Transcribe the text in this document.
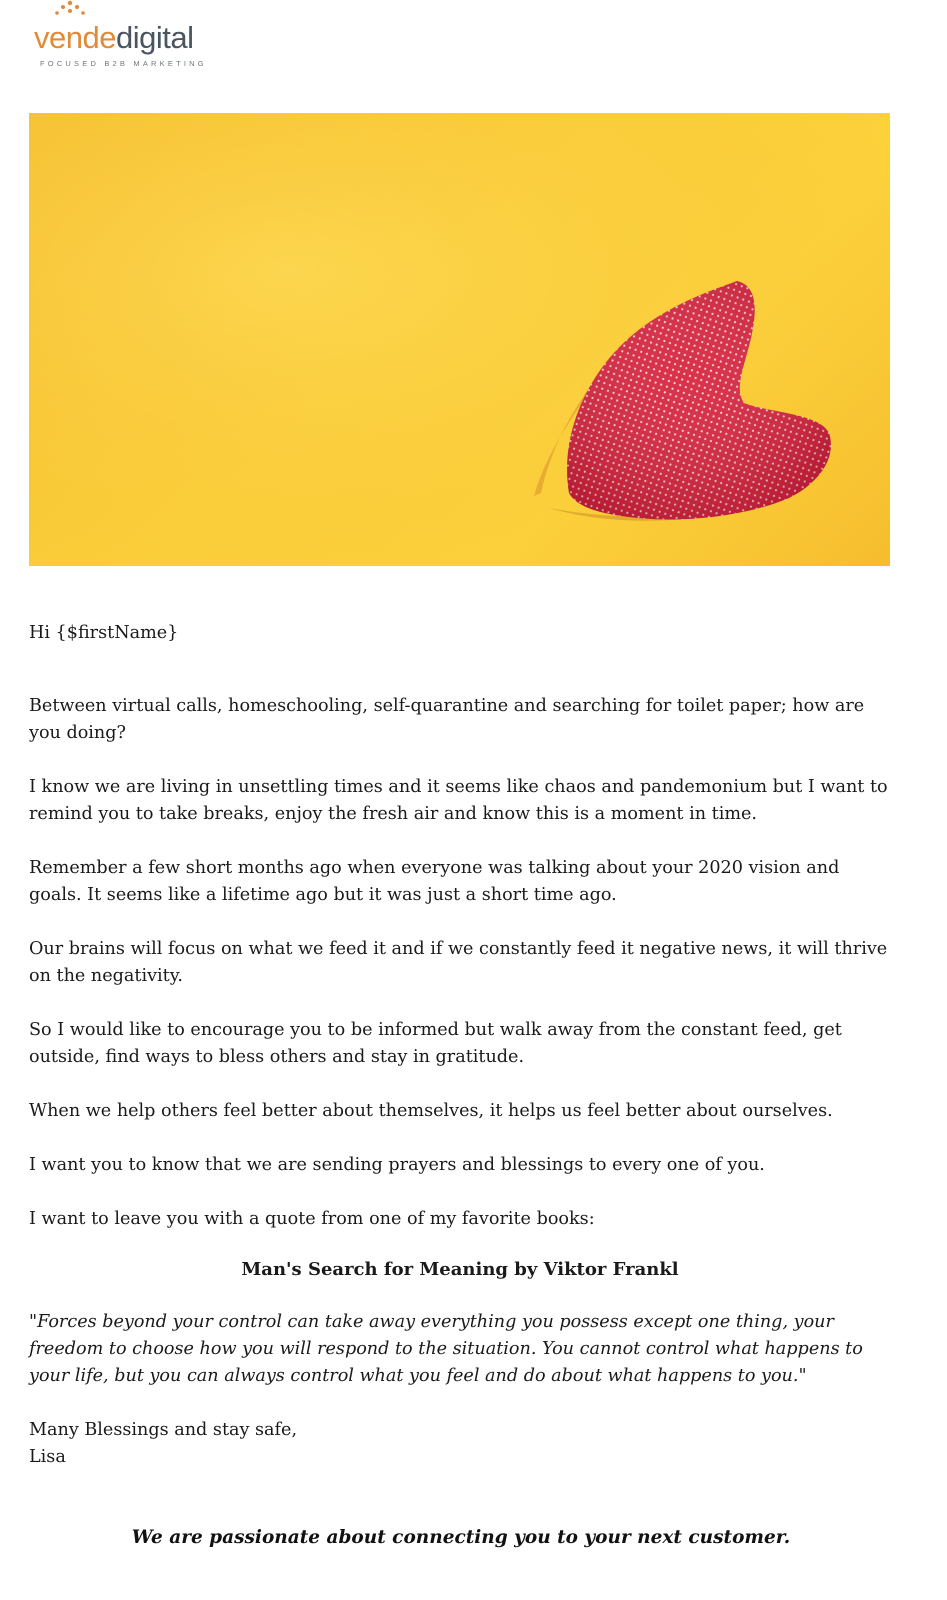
vendedigital
FOCUSED B2B MARKETING

Hi {$firstName}

Between virtual calls, homeschooling, self-quarantine and searching for toilet paper; how are you doing?

I know we are living in unsettling times and it seems like chaos and pandemonium but I want to remind you to take breaks, enjoy the fresh air and know this is a moment in time.

Remember a few short months ago when everyone was talking about your 2020 vision and goals. It seems like a lifetime ago but it was just a short time ago.

Our brains will focus on what we feed it and if we constantly feed it negative news, it will thrive on the negativity.

So I would like to encourage you to be informed but walk away from the constant feed, get outside, find ways to bless others and stay in gratitude.

When we help others feel better about themselves, it helps us feel better about ourselves.

I want you to know that we are sending prayers and blessings to every one of you.

I want to leave you with a quote from one of my favorite books:

Man's Search for Meaning by Viktor Frankl

"Forces beyond your control can take away everything you possess except one thing, your freedom to choose how you will respond to the situation. You cannot control what happens to your life, but you can always control what you feel and do about what happens to you."

Many Blessings and stay safe,

Lisa

We are passionate about connecting you to your next customer.
